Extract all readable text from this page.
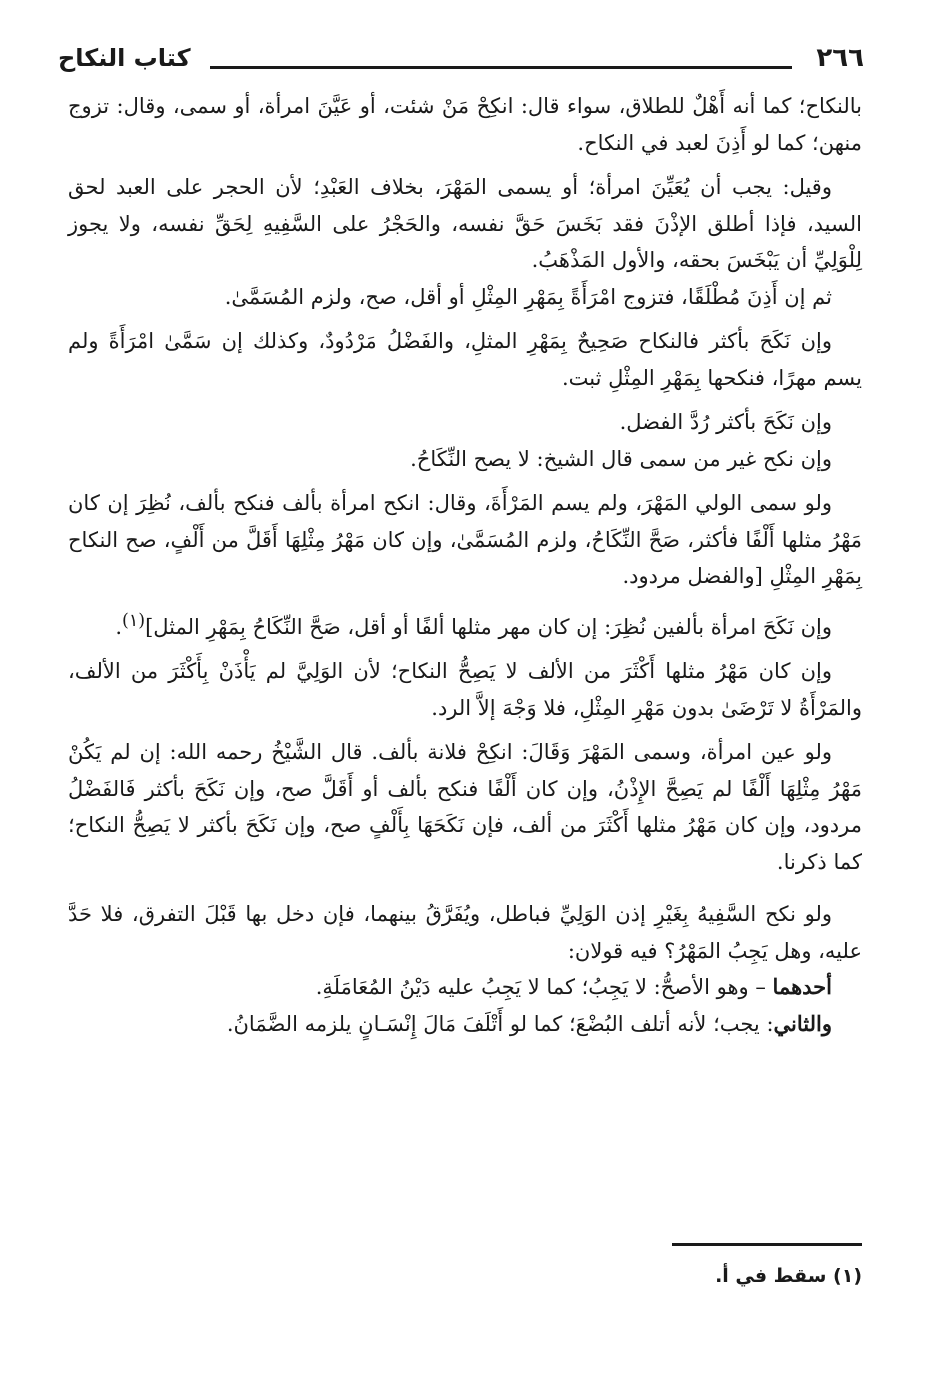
٢٦٦
كتاب النكاح

بالنكاح؛ كما أنه أَهْلٌ للطلاق، سواء قال: انكِحْ مَنْ شئت، أو عَيَّنَ امرأة، أو سمى، وقال: تزوج منهن؛ كما لو أَذِنَ لعبد في النكاح.

وقيل: يجب أن يُعَيِّنَ امرأة؛ أو يسمى المَهْرَ، بخلاف العَبْدِ؛ لأن الحجر على العبد لحق السيد، فإذا أطلق الإذْنَ فقد بَخَسَ حَقَّ نفسه، والحَجْرُ على السَّفِيهِ لِحَقِّ نفسه، ولا يجوز لِلْوَلِيِّ أن يَبْخَسَ بحقه، والأول المَذْهَبُ.

ثم إن أَذِنَ مُطْلَقًا، فتزوج امْرَأَةً بِمَهْرِ المِثْلِ أو أقل، صح، ولزم المُسَمَّىٰ.

وإن نَكَحَ بأكثر فالنكاح صَحِيحٌ بِمَهْرِ المثلِ، والفَضْلُ مَرْدُودٌ، وكذلك إن سَمَّىٰ امْرَأَةً ولم يسم مهرًا، فنكحها بِمَهْرِ المِثْلِ ثبت.

وإن نَكَحَ بأكثر رُدَّ الفضل.

وإن نكح غير من سمى قال الشيخ: لا يصح النِّكَاحُ.

ولو سمى الولي المَهْرَ، ولم يسم المَرْأَةَ، وقال: انكح امرأة بألف فنكح بألف، نُظِرَ إن كان مَهْرُ مثلها أَلْفًا فأكثر، صَحَّ النِّكَاحُ، ولزم المُسَمَّىٰ، وإن كان مَهْرُ مِثْلِهَا أَقَلَّ من أَلْفٍ، صح النكاح بِمَهْرِ المِثْلِ [والفضل مردود.

وإن نَكَحَ امرأة بألفين نُظِرَ: إن كان مهر مثلها ألفًا أو أقل، صَحَّ النِّكَاحُ بِمَهْرِ المثل]$^{(١)}$.

وإن كان مَهْرُ مثلها أَكْثَرَ من الألف لا يَصِحُّ النكاح؛ لأن الوَلِيَّ لم يَأْذَنْ بِأَكْثَرَ من الألف، والمَرْأَةُ لا تَرْضَىٰ بدون مَهْرِ المِثْلِ، فلا وَجْهَ إلاَّ الرد.

ولو عين امرأة، وسمى المَهْرَ وَقَالَ: انكِحْ فلانة بألف. قال الشَّيْخُ رحمه الله: إن لم يَكُنْ مَهْرُ مِثْلِهَا أَلْفًا لم يَصِحَّ الإِذْنُ، وإن كان أَلْفًا فنكح بألف أو أَقَلَّ صح، وإن نَكَحَ بأكثر فَالفَضْلُ مردود، وإن كان مَهْرُ مثلها أَكْثَرَ من ألف، فإن نَكَحَهَا بِأَلْفٍ صح، وإن نَكَحَ بأكثر لا يَصِحُّ النكاح؛ كما ذكرنا.

ولو نكح السَّفِيهُ بِغَيْرِ إذن الوَلِيِّ فباطل، ويُفَرَّقُ بينهما، فإن دخل بها قَبْلَ التفرق، فلا حَدَّ عليه، وهل يَجِبُ المَهْرُ؟ فيه قولان:

أحدهما – وهو الأصحُّ: لا يَجِبُ؛ كما لا يَجِبُ عليه دَيْنُ المُعَامَلَةِ.

والثاني: يجب؛ لأنه أتلف البُضْعَ؛ كما لو أَتْلَفَ مَالَ إِنْسَـانٍ يلزمه الضَّمَانُ.

(١) سقط في أ.
